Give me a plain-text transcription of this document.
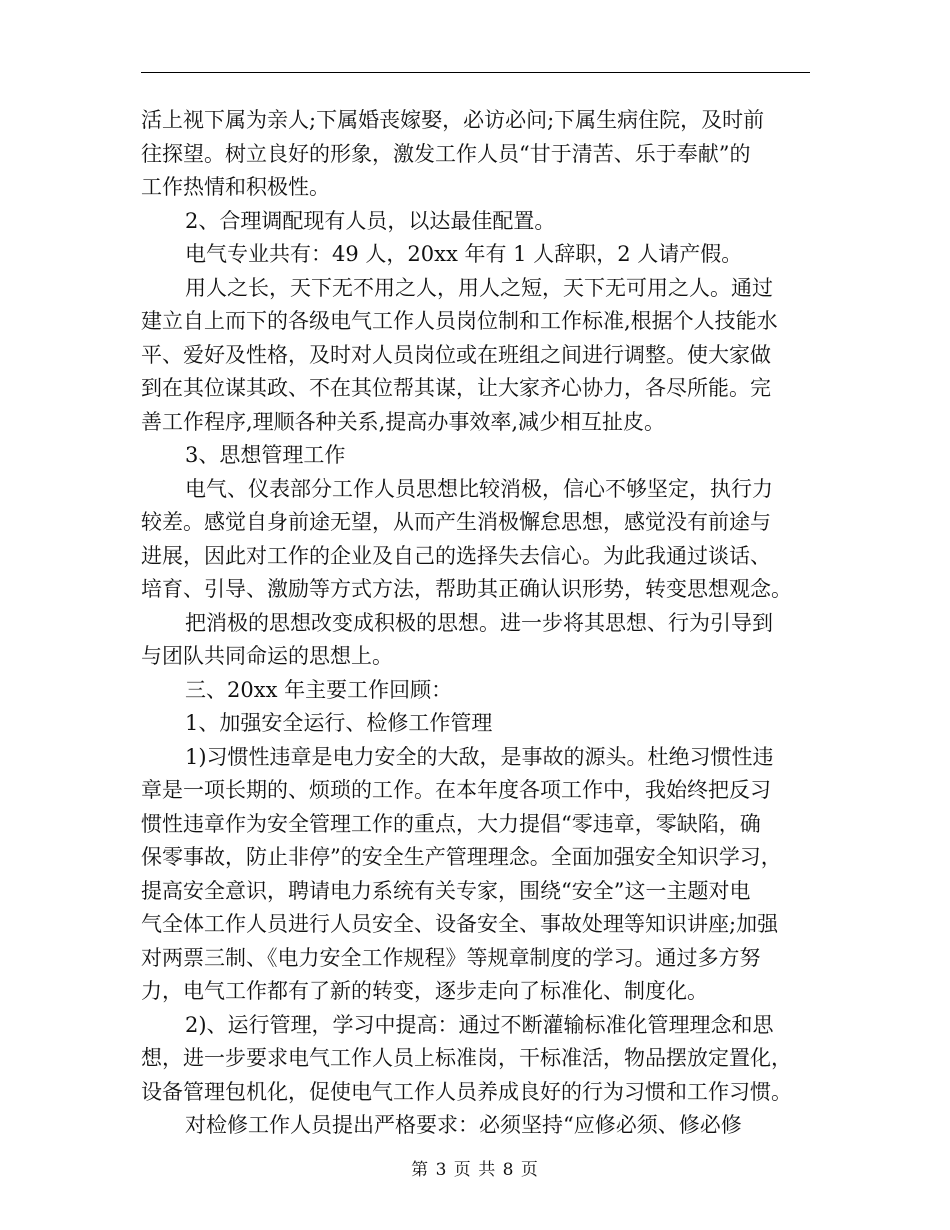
活上视下属为亲人;下属婚丧嫁娶，必访必问;下属生病住院，及时前
往探望。树立良好的形象，激发工作人员“甘于清苦、乐于奉献”的
工作热情和积极性。
2、合理调配现有人员，以达最佳配置。
电气专业共有：49 人，20xx 年有 1 人辞职，2 人请产假。
用人之长，天下无不用之人，用人之短，天下无可用之人。通过
建立自上而下的各级电气工作人员岗位制和工作标准,根据个人技能水
平、爱好及性格，及时对人员岗位或在班组之间进行调整。使大家做
到在其位谋其政、不在其位帮其谋，让大家齐心协力，各尽所能。完
善工作程序,理顺各种关系,提高办事效率,减少相互扯皮。
3、思想管理工作
电气、仪表部分工作人员思想比较消极，信心不够坚定，执行力
较差。感觉自身前途无望，从而产生消极懈怠思想，感觉没有前途与
进展，因此对工作的企业及自己的选择失去信心。为此我通过谈话、
培育、引导、激励等方式方法，帮助其正确认识形势，转变思想观念。
把消极的思想改变成积极的思想。进一步将其思想、行为引导到
与团队共同命运的思想上。
三、20xx 年主要工作回顾：
1、加强安全运行、检修工作管理
1)习惯性违章是电力安全的大敌，是事故的源头。杜绝习惯性违
章是一项长期的、烦琐的工作。在本年度各项工作中，我始终把反习
惯性违章作为安全管理工作的重点，大力提倡“零违章，零缺陷，确
保零事故，防止非停”的安全生产管理理念。全面加强安全知识学习，
提高安全意识，聘请电力系统有关专家，围绕“安全”这一主题对电
气全体工作人员进行人员安全、设备安全、事故处理等知识讲座;加强
对两票三制、《电力安全工作规程》等规章制度的学习。通过多方努
力，电气工作都有了新的转变，逐步走向了标准化、制度化。
2)、运行管理，学习中提高：通过不断灌输标准化管理理念和思
想，进一步要求电气工作人员上标准岗，干标准活，物品摆放定置化，
设备管理包机化，促使电气工作人员养成良好的行为习惯和工作习惯。
对检修工作人员提出严格要求：必须坚持“应修必须、修必修
第 3 页 共 8 页
